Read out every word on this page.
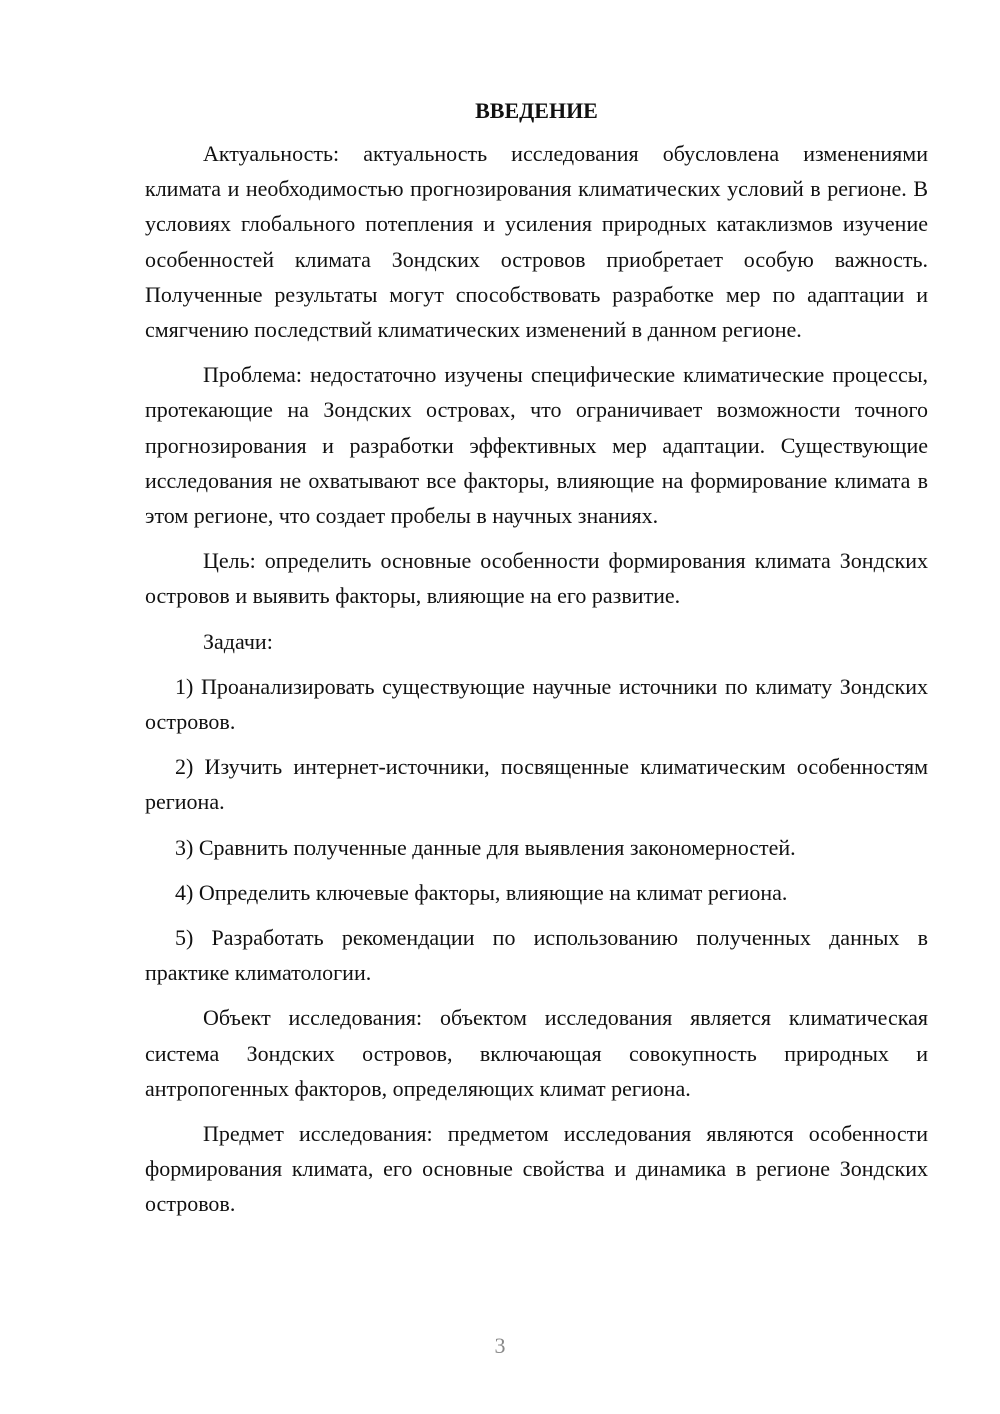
ВВЕДЕНИЕ

Актуальность: актуальность исследования обусловлена изменениями климата и необходимостью прогнозирования климатических условий в регионе. В условиях глобального потепления и усиления природных катаклизмов изучение особенностей климата Зондских островов приобретает особую важность. Полученные результаты могут способствовать разработке мер по адаптации и смягчению последствий климатических изменений в данном регионе.

Проблема: недостаточно изучены специфические климатические процессы, протекающие на Зондских островах, что ограничивает возможности точного прогнозирования и разработки эффективных мер адаптации. Существующие исследования не охватывают все факторы, влияющие на формирование климата в этом регионе, что создает пробелы в научных знаниях.

Цель: определить основные особенности формирования климата Зондских островов и выявить факторы, влияющие на его развитие.

Задачи:

1) Проанализировать существующие научные источники по климату Зондских островов.

2) Изучить интернет-источники, посвященные климатическим особенностям региона.

3) Сравнить полученные данные для выявления закономерностей.

4) Определить ключевые факторы, влияющие на климат региона.

5) Разработать рекомендации по использованию полученных данных в практике климатологии.

Объект исследования: объектом исследования является климатическая система Зондских островов, включающая совокупность природных и антропогенных факторов, определяющих климат региона.

Предмет исследования: предметом исследования являются особенности формирования климата, его основные свойства и динамика в регионе Зондских островов.

3
